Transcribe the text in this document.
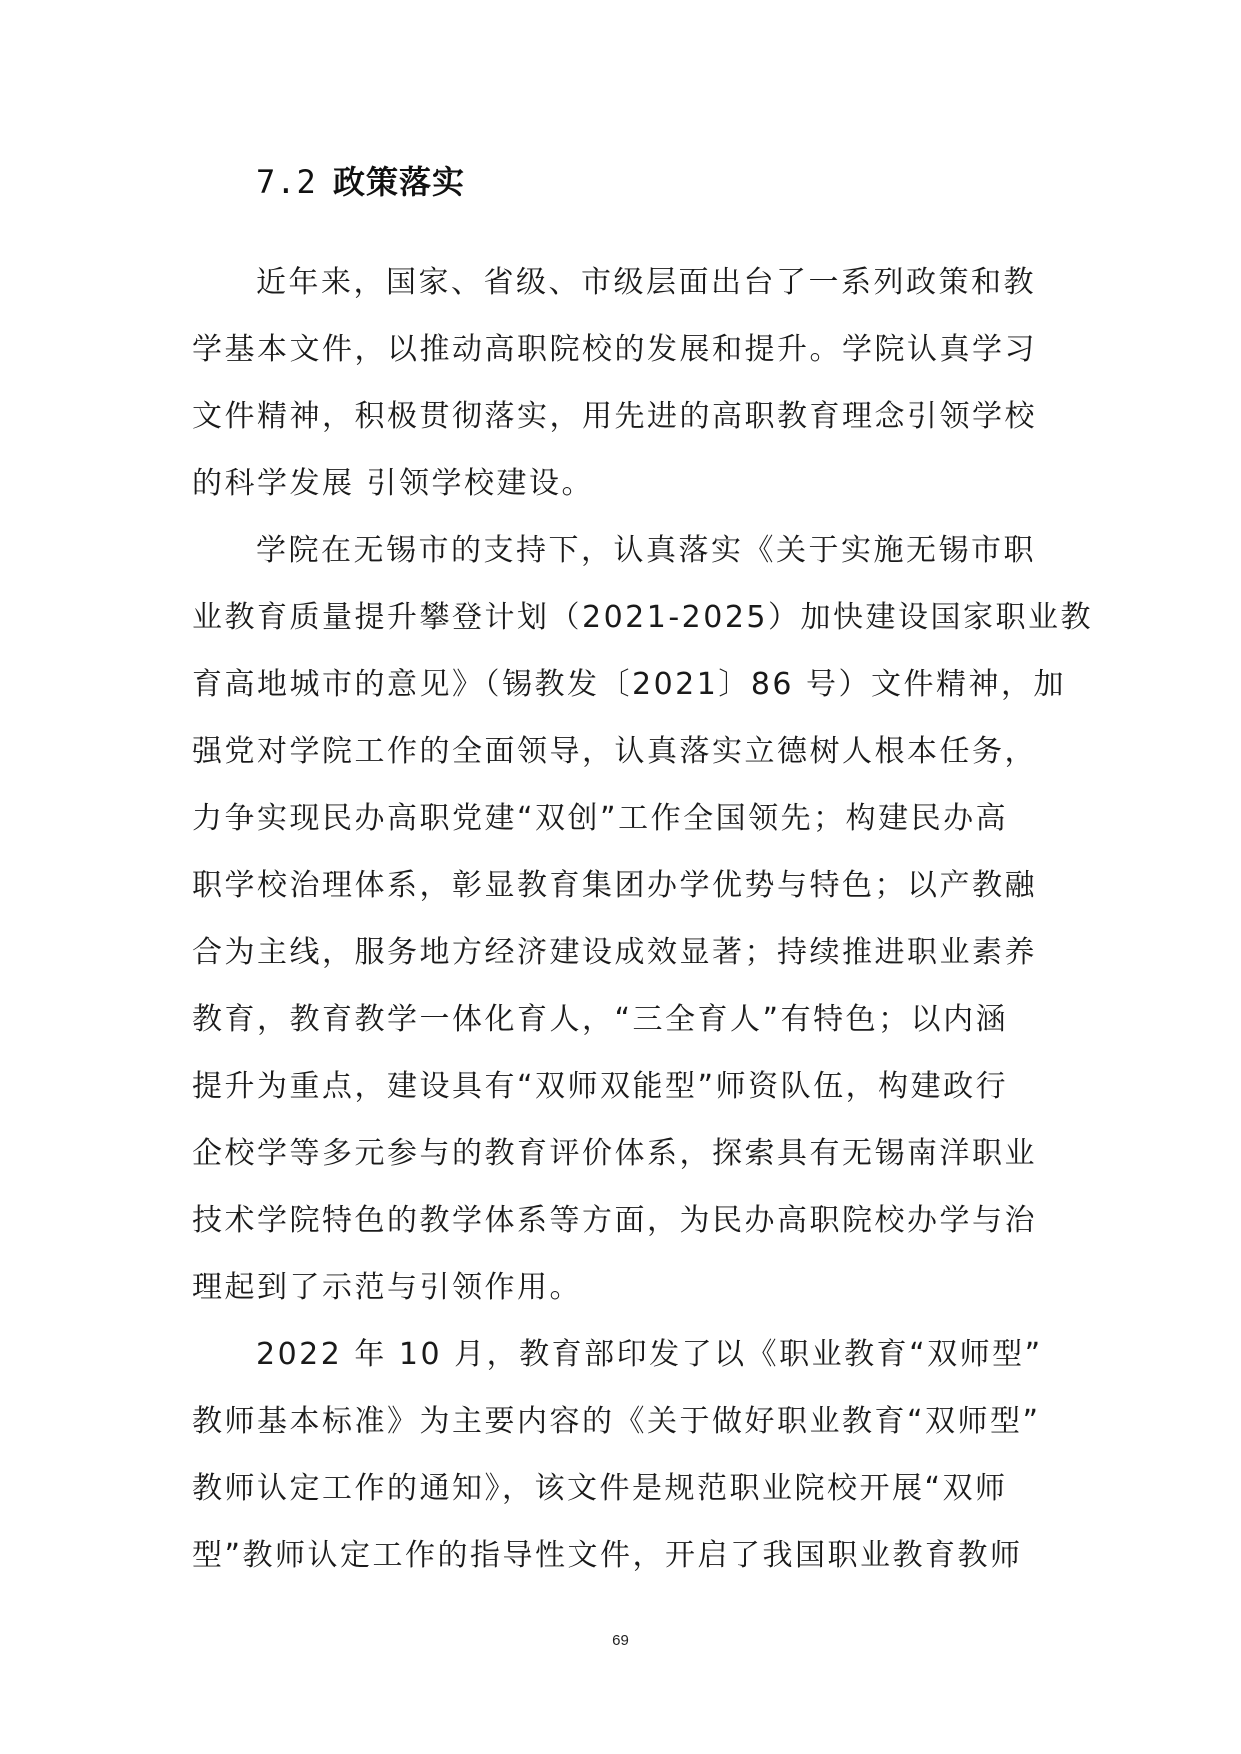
7.2 政策落实

近年来，国家、省级、市级层面出台了一系列政策和教

学基本文件，以推动高职院校的发展和提升。学院认真学习

文件精神，积极贯彻落实，用先进的高职教育理念引领学校

的科学发展 引领学校建设。

学院在无锡市的支持下，认真落实《关于实施无锡市职

业教育质量提升攀登计划（2021-2025）加快建设国家职业教

育高地城市的意见》（锡教发〔2021〕86 号）文件精神，加

强党对学院工作的全面领导，认真落实立德树人根本任务，

力争实现民办高职党建“双创”工作全国领先；构建民办高

职学校治理体系，彰显教育集团办学优势与特色；以产教融

合为主线，服务地方经济建设成效显著；持续推进职业素养

教育，教育教学一体化育人，“三全育人”有特色；以内涵

提升为重点，建设具有“双师双能型”师资队伍，构建政行

企校学等多元参与的教育评价体系，探索具有无锡南洋职业

技术学院特色的教学体系等方面，为民办高职院校办学与治

理起到了示范与引领作用。

2022 年 10 月，教育部印发了以《职业教育“双师型”

教师基本标准》为主要内容的《关于做好职业教育“双师型”

教师认定工作的通知》，该文件是规范职业院校开展“双师

型”教师认定工作的指导性文件，开启了我国职业教育教师

69
